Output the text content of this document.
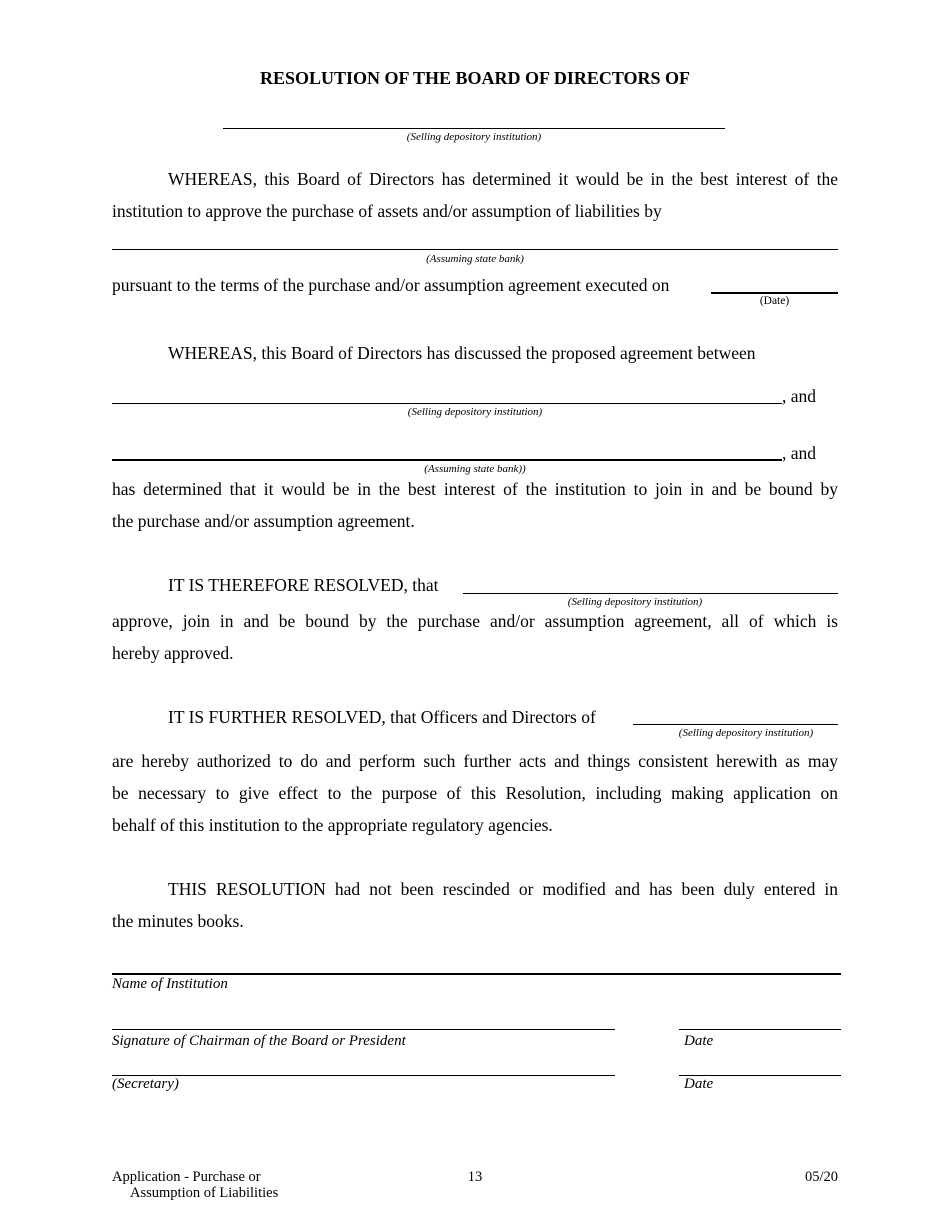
RESOLUTION OF THE BOARD OF DIRECTORS OF
(Selling depository institution)
WHEREAS, this Board of Directors has determined it would be in the best interest of the
institution to approve the purchase of assets and/or assumption of liabilities by
(Assuming state bank)
pursuant to the terms of the purchase and/or assumption agreement executed on
(Date)
WHEREAS, this Board of Directors has discussed the proposed agreement between
, and
(Selling depository institution)
, and
(Assuming state bank))
has determined that it would be in the best interest of the institution to join in and be bound by
the purchase and/or assumption agreement.
IT IS THEREFORE RESOLVED, that
(Selling depository institution)
approve, join in and be bound by the purchase and/or assumption agreement, all of which is
hereby approved.
IT IS FURTHER RESOLVED, that Officers and Directors of
(Selling depository institution)
are hereby authorized to do and perform such further acts and things consistent herewith as may
be necessary to give effect to the purpose of this Resolution, including making application on
behalf of this institution to the appropriate regulatory agencies.
THIS RESOLUTION had not been rescinded or modified and has been duly entered in
the minutes books.
Name of Institution
Signature of Chairman of the Board or President	Date
(Secretary)	Date
Application - Purchase or
Assumption of Liabilities
13	05/20
